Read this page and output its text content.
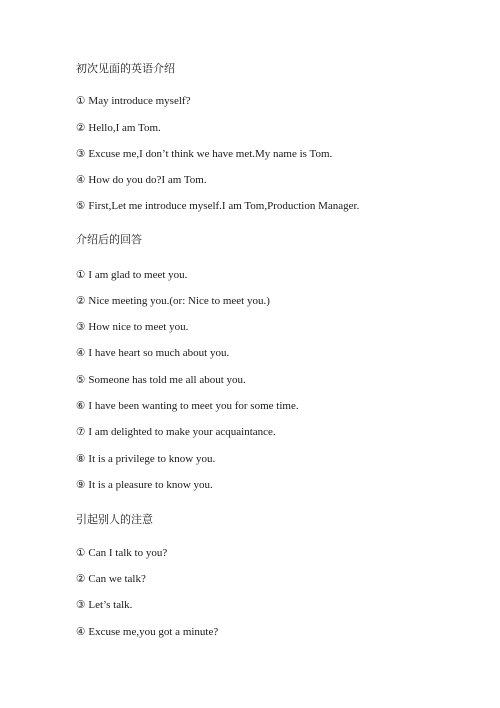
初次见面的英语介绍
① May introduce myself?
② Hello,I am Tom.
③ Excuse me,I don’t think we have met.My name is Tom.
④ How do you do?I am Tom.
⑤ First,Let me introduce myself.I am Tom,Production Manager.
介绍后的回答
① I am glad to meet you.
② Nice meeting you.(or: Nice to meet you.)
③ How nice to meet you.
④ I have heart so much about you.
⑤ Someone has told me all about you.
⑥ I have been wanting to meet you for some time.
⑦ I am delighted to make your acquaintance.
⑧ It is a privilege to know you.
⑨ It is a pleasure to know you.
引起别人的注意
① Can I talk to you?
② Can we talk?
③ Let’s talk.
④ Excuse me,you got a minute?
